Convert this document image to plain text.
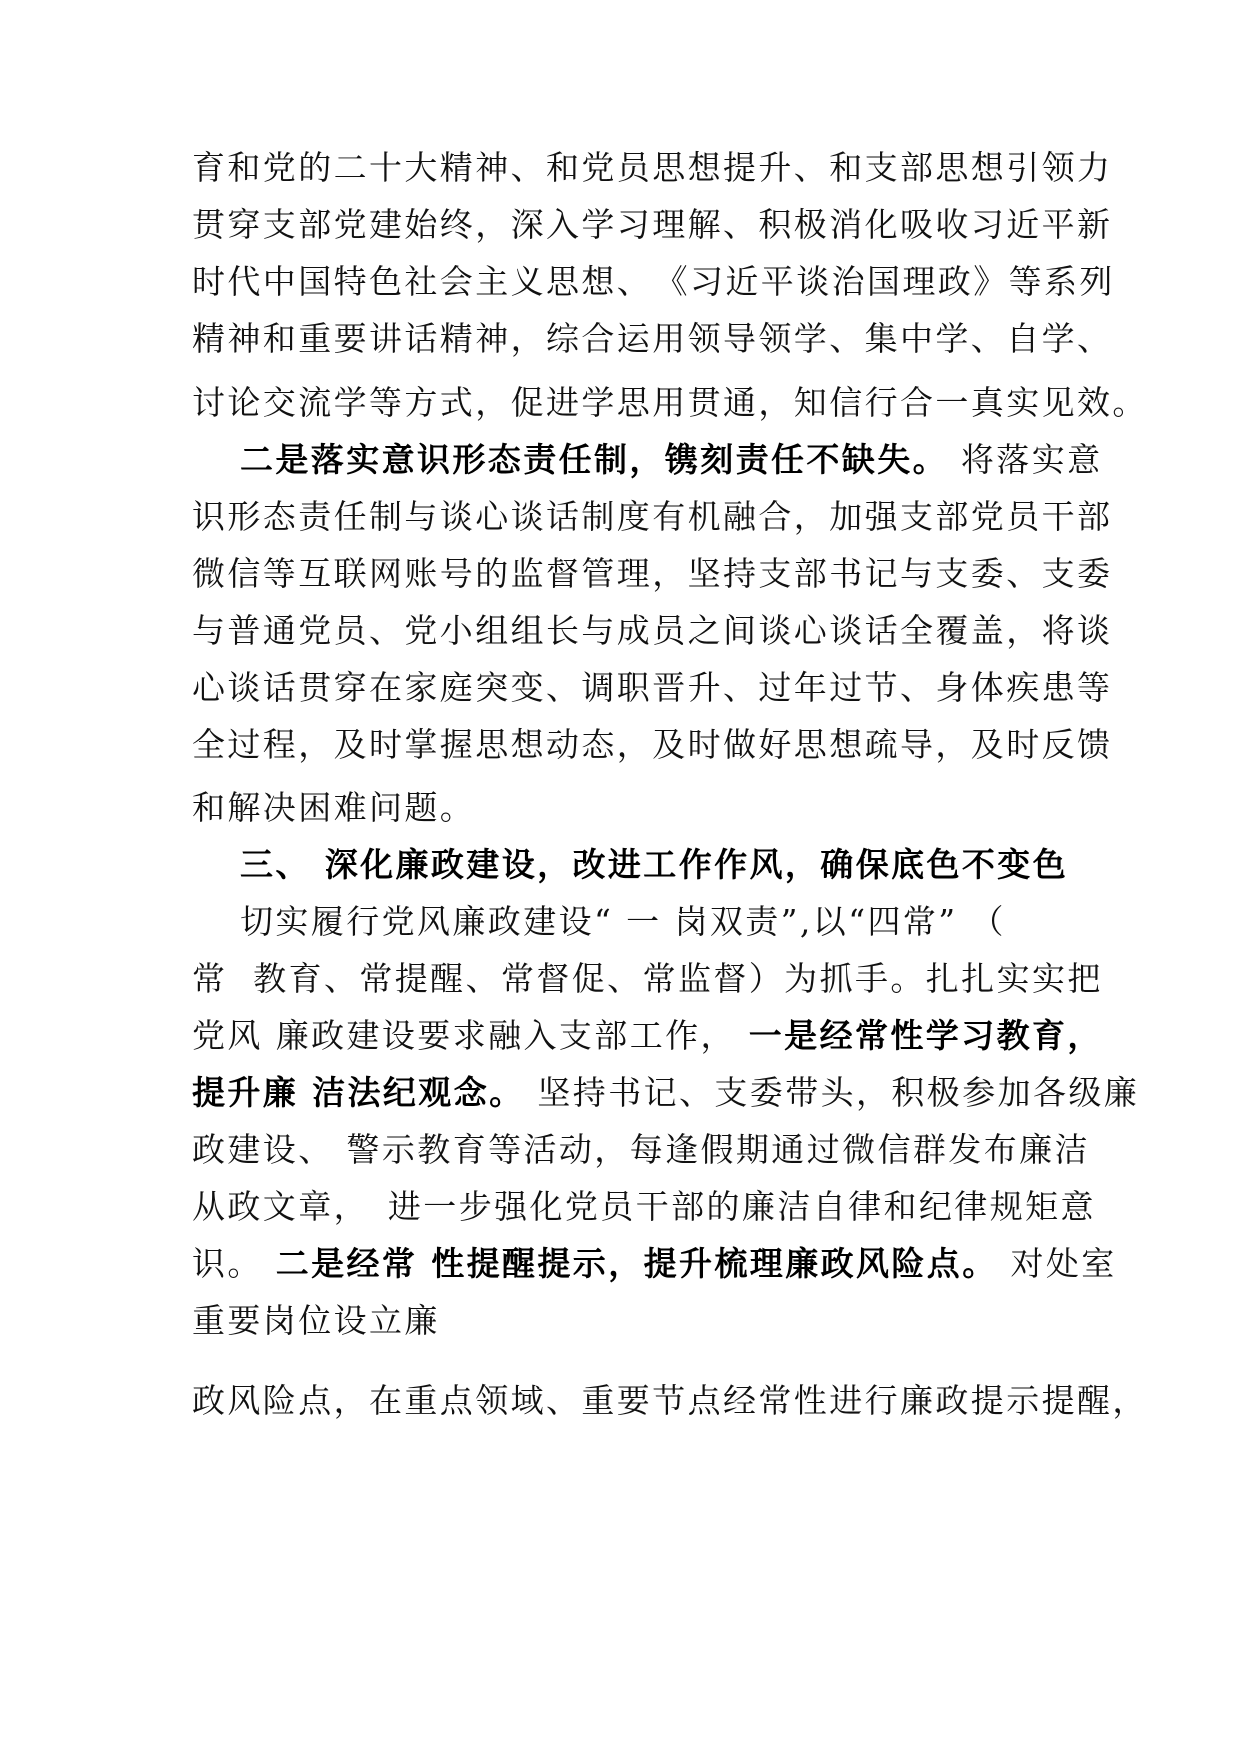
育和党的二十大精神、和党员思想提升、和支部思想引领力

贯穿支部党建始终，深入学习理解、积极消化吸收习近平新

时代中国特色社会主义思想、　《习近平谈治国理政》等系列

精神和重要讲话精神，综合运用领导领学、集中学、自学、

讨论交流学等方式，促进学思用贯通，知信行合一真实见效。

二是落实意识形态责任制，镌刻责任不缺失。 将落实意

识形态责任制与谈心谈话制度有机融合，加强支部党员干部

微信等互联网账号的监督管理，坚持支部书记与支委、支委

与普通党员、党小组组长与成员之间谈心谈话全覆盖，将谈

心谈话贯穿在家庭突变、调职晋升、过年过节、身体疾患等

全过程，及时掌握思想动态，及时做好思想疏导，及时反馈

和解决困难问题。

三、 深化廉政建设，改进工作作风，确保底色不变色

切实履行党风廉政建设“ 一 岗双责”,以“四常” （

常  教育、常提醒、常督促、常监督）为抓手。扎扎实实把

党风 廉政建设要求融入支部工作， 一是经常性学习教育，

提升廉 洁法纪观念。 坚持书记、支委带头，积极参加各级廉

政建设、 警示教育等活动，每逢假期通过微信群发布廉洁

从政文章，　进一步强化党员干部的廉洁自律和纪律规矩意

识。 二是经常 性提醒提示，提升梳理廉政风险点。 对处室

重要岗位设立廉

政风险点，在重点领域、重要节点经常性进行廉政提示提醒，
